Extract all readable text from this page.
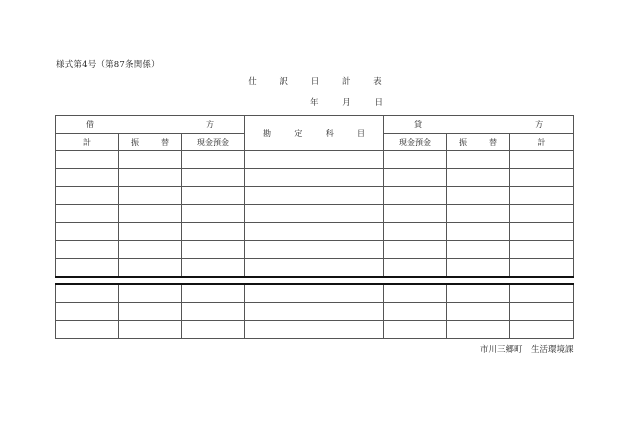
様式第4号（第87条関係）
仕	訳	日	計	表
年	月	日
借 方			勘 定 科 目	貸 方		

計	振 替	現金預金		現金預金	振 替	計

市川三郷町　生活環境課
